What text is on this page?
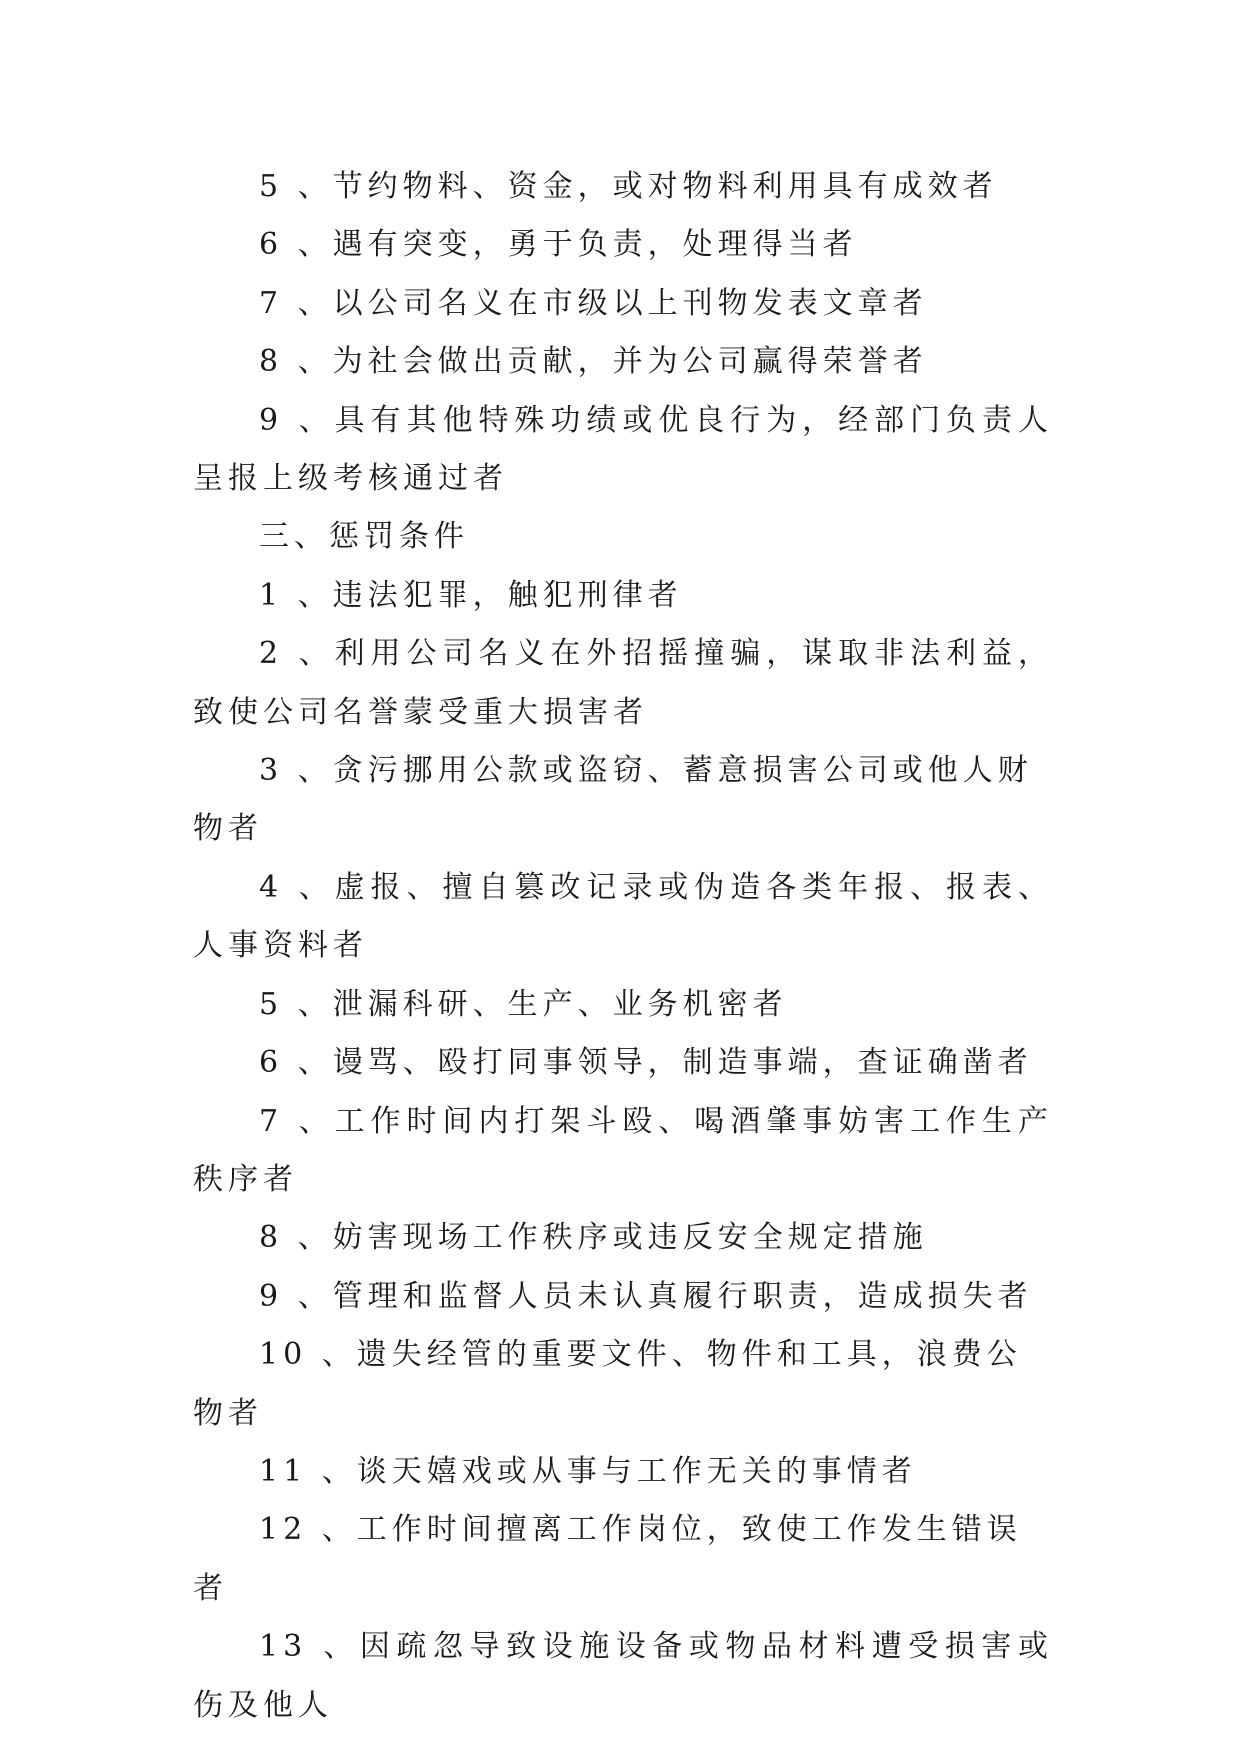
5 、节约物料、资金，或对物料利用具有成效者

6 、遇有突变，勇于负责，处理得当者

7 、以公司名义在市级以上刊物发表文章者

8 、为社会做出贡献，并为公司赢得荣誉者

9 、具有其他特殊功绩或优良行为，经部门负责人呈报上级考核通过者

三、惩罚条件

1 、违法犯罪，触犯刑律者

2 、利用公司名义在外招摇撞骗，谋取非法利益，致使公司名誉蒙受重大损害者

3 、贪污挪用公款或盗窃、蓄意损害公司或他人财物者

4 、虚报、擅自篡改记录或伪造各类年报、报表、人事资料者

5 、泄漏科研、生产、业务机密者

6 、谩骂、殴打同事领导，制造事端，查证确凿者

7 、工作时间内打架斗殴、喝酒肇事妨害工作生产秩序者

8 、妨害现场工作秩序或违反安全规定措施

9 、管理和监督人员未认真履行职责，造成损失者

10 、遗失经管的重要文件、物件和工具，浪费公物者

11 、谈天嬉戏或从事与工作无关的事情者

12 、工作时间擅离工作岗位，致使工作发生错误者

13 、因疏忽导致设施设备或物品材料遭受损害或伤及他人
